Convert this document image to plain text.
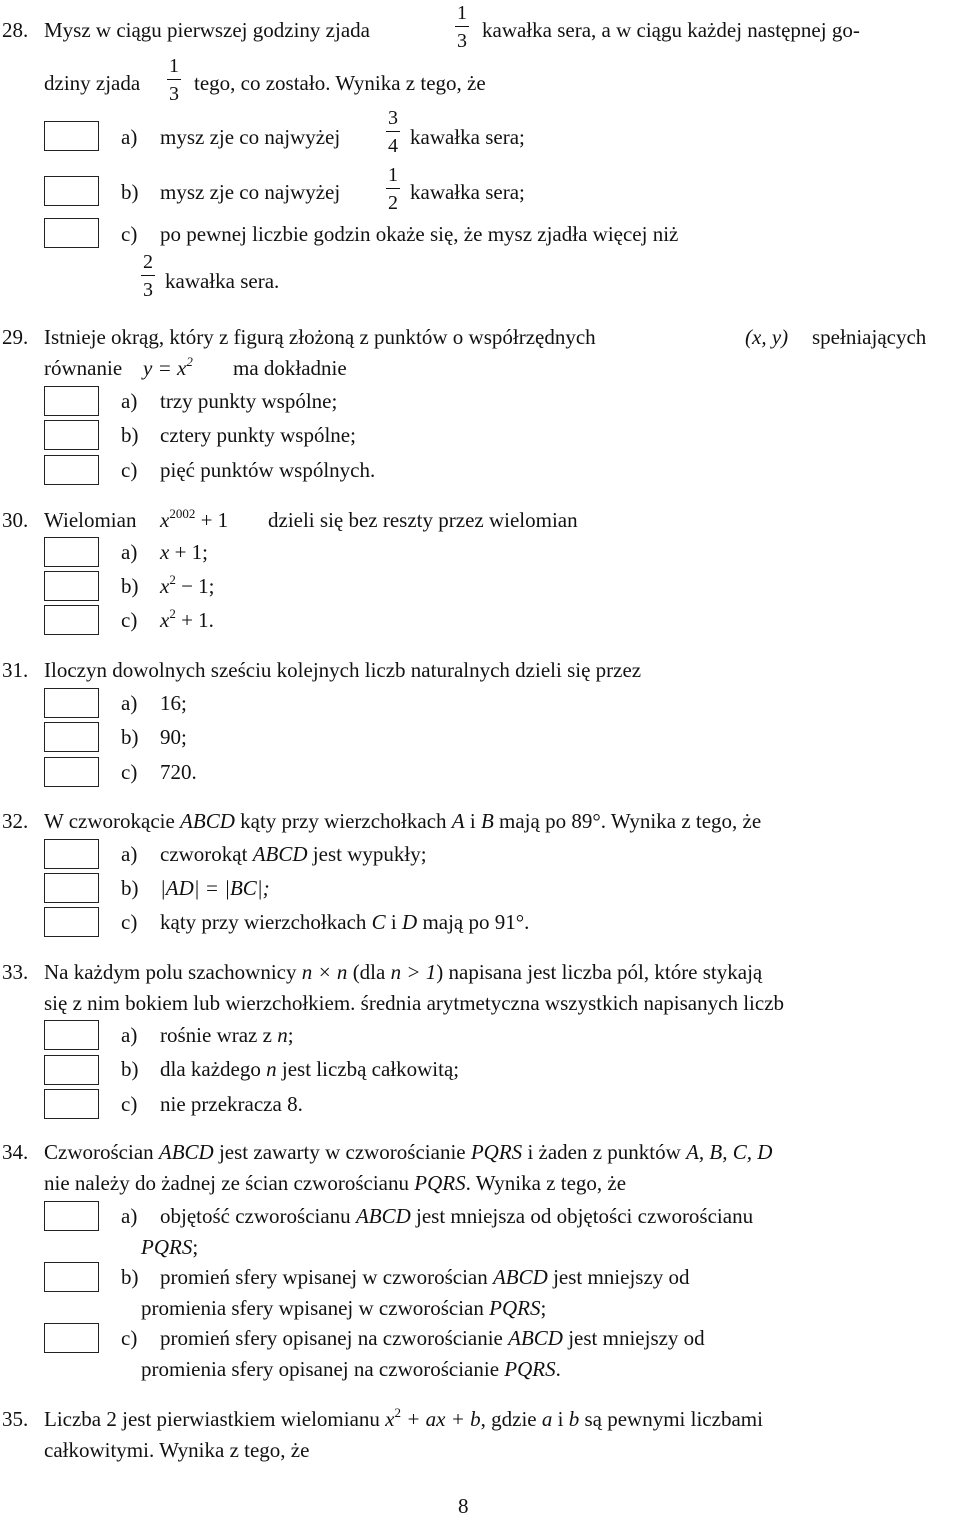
28. Mysz w ciągu pierwszej godziny zjada
1
3 kawałka sera, a w ciągu każdej następnej go-
dziny zjada
1
3 tego, co zostało. Wynika z tego, że
a) mysz zje co najwyżej
3
4 kawałka sera;
b) mysz zje co najwyżej
1
2 kawałka sera;
c) po pewnej liczbie godzin okaże się, że mysz zjadła więcej niż
2
3 kawałka sera.
29. Istnieje okrąg, który z figurą złożoną z punktów o współrzędnych	(x, y) spełniających
równanie $y = x^2$ ma dokładnie
a) trzy punkty wspólne;
b) cztery punkty wspólne;
c) pięć punktów wspólnych.
30. Wielomian $x^{2002} + 1$ dzieli się bez reszty przez wielomian
a) x + 1;
b) $x^2 - 1$;
c) $x^2 + 1$.
31. Iloczyn dowolnych sześciu kolejnych liczb naturalnych dzieli się przez
a) 16;
b) 90;
c) 720.
32. W czworokącie ABCD kąty przy wierzchołkach A i B mają po 89°. Wynika z tego, że
a) czworokąt ABCD jest wypukły;
b) |AD| = |BC|;
c) kąty przy wierzchołkach C i D mają po 91°.
33. Na każdym polu szachownicy n × n (dla n > 1) napisana jest liczba pól, które stykają
się z nim bokiem lub wierzchołkiem. średnia arytmetyczna wszystkich napisanych liczb
a) rośnie wraz z n;
b) dla każdego n jest liczbą całkowitą;
c) nie przekracza 8.
34. Czworościan ABCD jest zawarty w czworościanie PQRS i żaden z punktów A, B, C, D
nie należy do żadnej ze ścian czworościanu PQRS. Wynika z tego, że
a) objętość czworościanu ABCD jest mniejsza od objętości czworościanu
PQRS;
b) promień sfery wpisanej w czworościan ABCD jest mniejszy od
promienia sfery wpisanej w czworościan PQRS;
c) promień sfery opisanej na czworościanie ABCD jest mniejszy od
promienia sfery opisanej na czworościanie PQRS.
35. Liczba 2 jest pierwiastkiem wielomianu $x^2$ + ax + b, gdzie a i b są pewnymi liczbami
całkowitymi. Wynika z tego, że
8
